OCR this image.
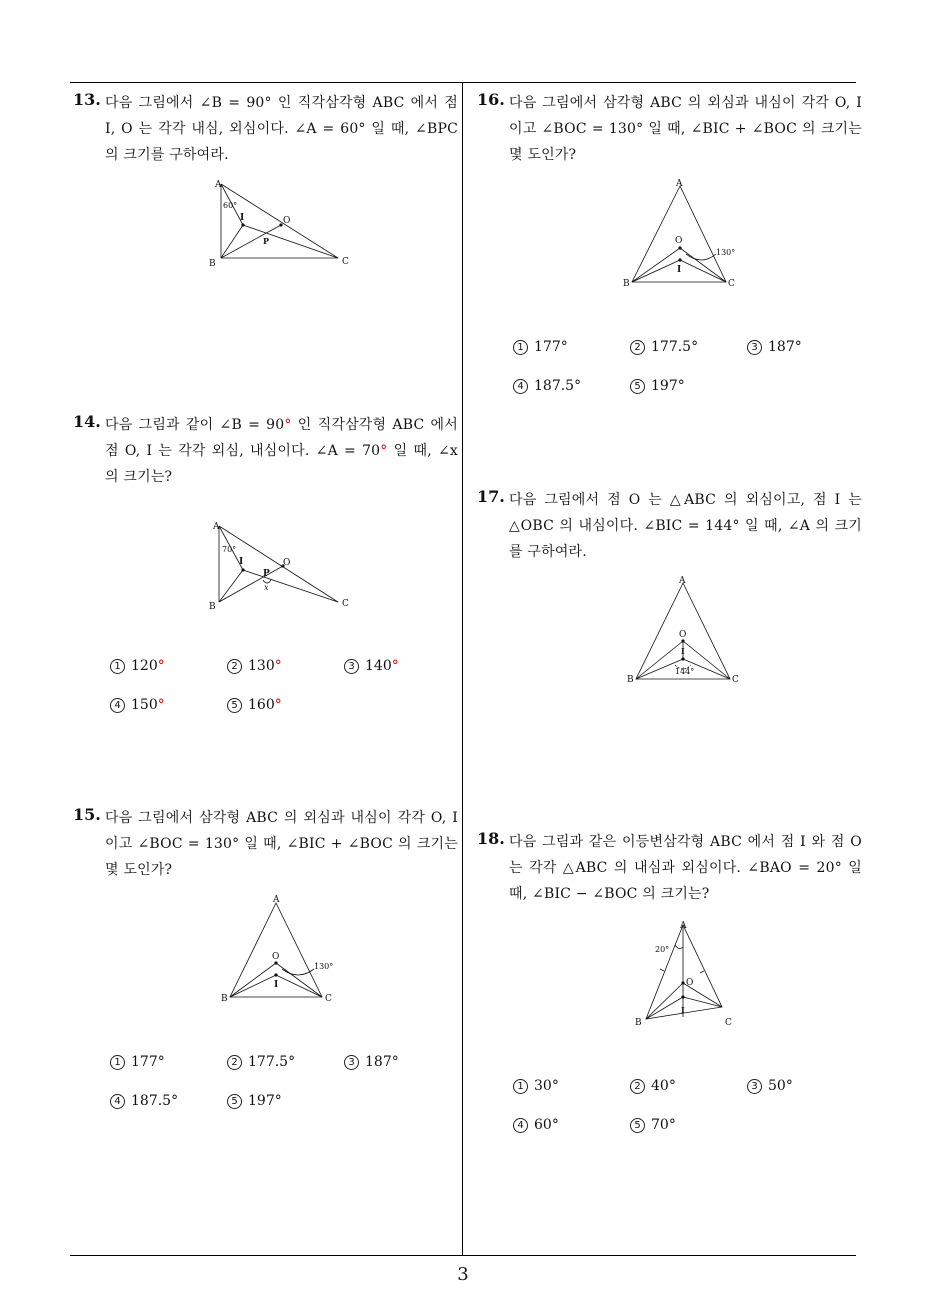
13. 다음 그림에서 ∠B = 90° 인 직각삼각형 ABC 에서 점 I, O 는 각각 내심, 외심이다. ∠A = 60° 일 때, ∠BPC 의 크기를 구하여라.
A
B	C
O
I
P
60°
14. 다음 그림과 같이 ∠B = 90° 인 직각삼각형 ABC 에서 점 O, I 는 각각 외심, 내심이다. ∠A = 70° 일 때, ∠x 의 크기는?
A
B	C
O
I
P
x
70°
1 120°	2 130°	3 140°
4 150°	5 160°
15. 다음 그림에서 삼각형 ABC 의 외심과 내심이 각각 O, I 이고 ∠BOC = 130° 일 때, ∠BIC + ∠BOC 의 크기는 몇 도인가?
A
B	C
O
I
130°
1 177°	2 177.5°	3 187°
4 187.5°	5 197°
16. 다음 그림에서 삼각형 ABC 의 외심과 내심이 각각 O, I 이고 ∠BOC = 130° 일 때, ∠BIC + ∠BOC 의 크기는 몇 도인가?
A
B	C
O
I
130°
1 177°	2 177.5°	3 187°
4 187.5°	5 197°
17. 다음 그림에서 점 O 는 △ABC 의 외심이고, 점 I 는 △OBC 의 내심이다. ∠BIC = 144° 일 때, ∠A 의 크기를 구하여라.
A
B	C
O
I
144°
18. 다음 그림과 같은 이등변삼각형 ABC 에서 점 I 와 점 O 는 각각 △ABC 의 내심과 외심이다. ∠BAO = 20° 일 때, ∠BIC − ∠BOC 의 크기는?
A
B	C
O
I
20°
1 30°	2 40°	3 50°
4 60°	5 70°
3
